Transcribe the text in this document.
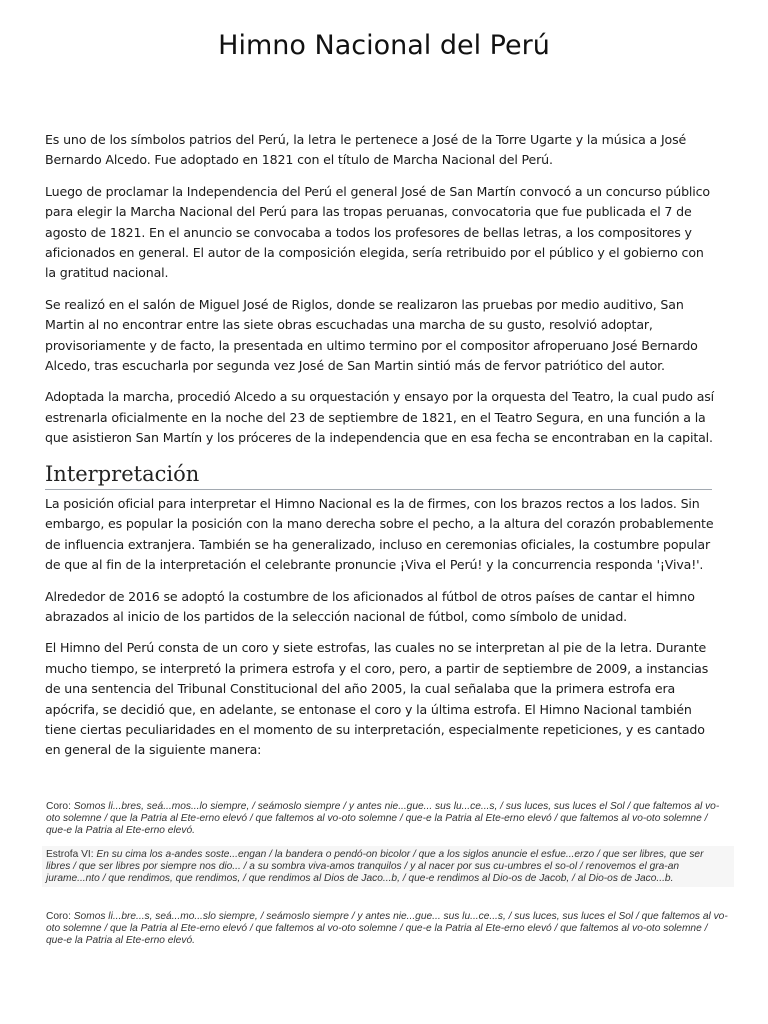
Himno Nacional del Perú

Es uno de los símbolos patrios del Perú, la letra le pertenece a José de la Torre Ugarte y la música a José Bernardo Alcedo. Fue adoptado en 1821 con el título de Marcha Nacional del Perú.

Luego de proclamar la Independencia del Perú el general José de San Martín convocó a un concurso público para elegir la Marcha Nacional del Perú para las tropas peruanas, convocatoria que fue publicada el 7 de agosto de 1821. En el anuncio se convocaba a todos los profesores de bellas letras, a los compositores y aficionados en general. El autor de la composición elegida, sería retribuido por el público y el gobierno con la gratitud nacional.

Se realizó en el salón de Miguel José de Riglos, donde se realizaron las pruebas por medio auditivo, San Martin al no encontrar entre las siete obras escuchadas una marcha de su gusto, resolvió adoptar, provisoriamente y de facto, la presentada en ultimo termino por el compositor afroperuano José Bernardo Alcedo, tras escucharla por segunda vez José de San Martin sintió más de fervor patriótico del autor.

Adoptada la marcha, procedió Alcedo a su orquestación y ensayo por la orquesta del Teatro, la cual pudo así estrenarla oficialmente en la noche del 23 de septiembre de 1821, en el Teatro Segura, en una función a la que asistieron San Martín y los próceres de la independencia que en esa fecha se encontraban en la capital.

Interpretación

La posición oficial para interpretar el Himno Nacional es la de firmes, con los brazos rectos a los lados. Sin embargo, es popular la posición con la mano derecha sobre el pecho, a la altura del corazón probablemente de influencia extranjera. También se ha generalizado, incluso en ceremonias oficiales, la costumbre popular de que al fin de la interpretación el celebrante pronuncie ¡Viva el Perú! y la concurrencia responda '¡Viva!'.

Alrededor de 2016 se adoptó la costumbre de los aficionados al fútbol de otros países de cantar el himno abrazados al inicio de los partidos de la selección nacional de fútbol, como símbolo de unidad.

El Himno del Perú consta de un coro y siete estrofas, las cuales no se interpretan al pie de la letra. Durante mucho tiempo, se interpretó la primera estrofa y el coro, pero, a partir de septiembre de 2009, a instancias de una sentencia del Tribunal Constitucional del año 2005, la cual señalaba que la primera estrofa era apócrifa, se decidió que, en adelante, se entonase el coro y la última estrofa. El Himno Nacional también tiene ciertas peculiaridades en el momento de su interpretación, especialmente repeticiones, y es cantado en general de la siguiente manera:

Coro: Somos li...bres, seá...mos...lo siempre, / seámoslo siempre / y antes nie...gue... sus lu...ce...s, / sus luces, sus luces el Sol / que faltemos al vo-oto solemne / que la Patria al Ete-erno elevó / que faltemos al vo-oto solemne / que-e la Patria al Ete-erno elevó / que faltemos al vo-oto solemne / que-e la Patria al Ete-erno elevó.
Estrofa VI: En su cima los a-andes soste...engan / la bandera o pendó-on bicolor / que a los siglos anuncie el esfue...erzo / que ser libres, que ser libres / que ser libres por siempre nos dio... / a su sombra viva-amos tranquilos / y al nacer por sus cu-umbres el so-ol / renovemos el gra-an jurame...nto / que rendimos, que rendimos, / que rendimos al Dios de Jaco...b, / que-e rendimos al Dio-os de Jacob, / al Dio-os de Jaco...b.
Coro: Somos li...bre...s, seá...mo...slo siempre, / seámoslo siempre / y antes nie...gue... sus lu...ce...s, / sus luces, sus luces el Sol / que faltemos al vo-oto solemne / que la Patria al Ete-erno elevó / que faltemos al vo-oto solemne / que-e la Patria al Ete-erno elevó / que faltemos al vo-oto solemne / que-e la Patria al Ete-erno elevó.
